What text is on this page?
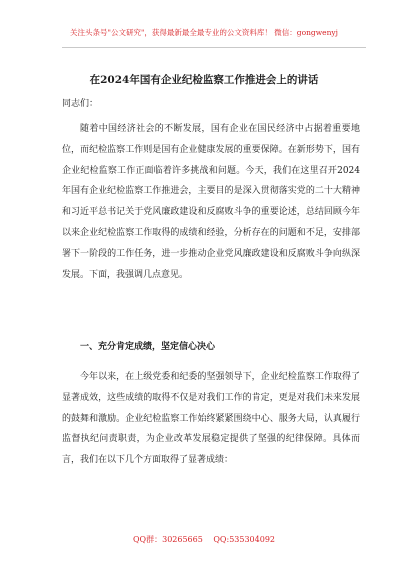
关注头条号"公文研究"，获得最新最全最专业的公文资料库！ 微信：gongwenyj
在2024年国有企业纪检监察工作推进会上的讲话
同志们：

随着中国经济社会的不断发展，国有企业在国民经济中占据着重要地位，而纪检监察工作则是国有企业健康发展的重要保障。在新形势下，国有企业纪检监察工作正面临着许多挑战和问题。今天，我们在这里召开2024年国有企业纪检监察工作推进会，主要目的是深入贯彻落实党的二十大精神和习近平总书记关于党风廉政建设和反腐败斗争的重要论述，总结回顾今年以来企业纪检监察工作取得的成绩和经验，分析存在的问题和不足，安排部署下一阶段的工作任务，进一步推动企业党风廉政建设和反腐败斗争向纵深发展。下面，我强调几点意见。

一、充分肯定成绩，坚定信心决心

今年以来，在上级党委和纪委的坚强领导下，企业纪检监察工作取得了显著成效，这些成绩的取得不仅是对我们工作的肯定，更是对我们未来发展的鼓舞和激励。企业纪检监察工作始终紧紧围绕中心、服务大局，认真履行监督执纪问责职责，为企业改革发展稳定提供了坚强的纪律保障。具体而言，我们在以下几个方面取得了显著成绩：

QQ群：30265665 QQ:535304092
